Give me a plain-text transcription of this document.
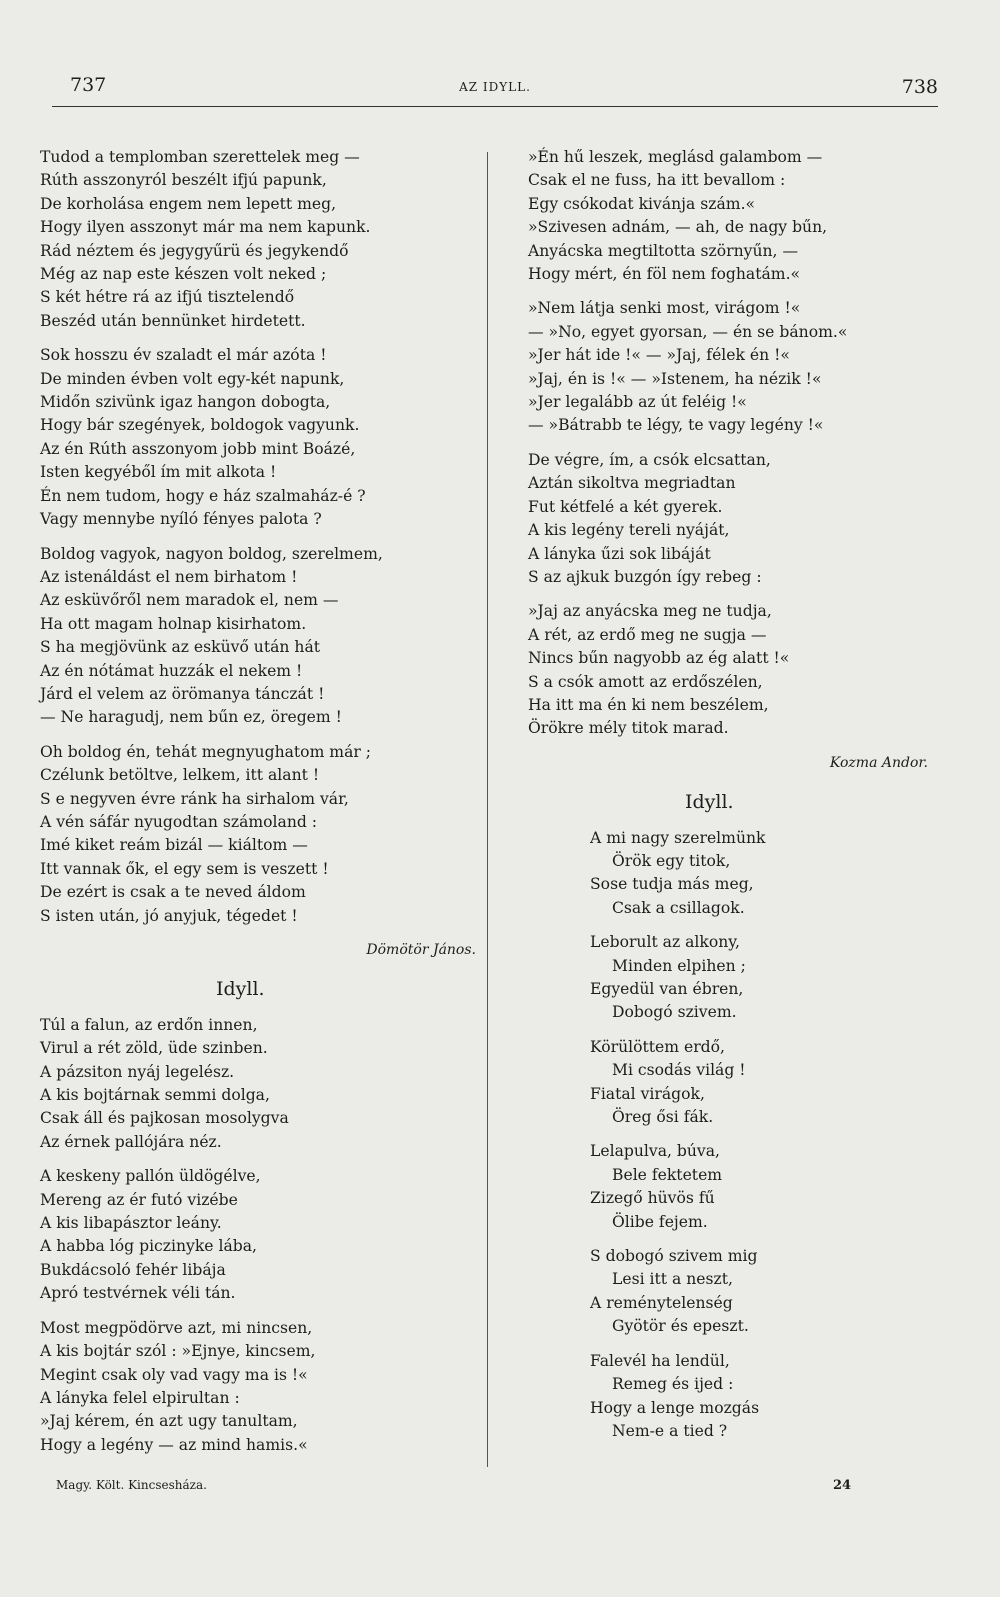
737	AZ IDYLL.	738
Tudod a templomban szerettelek meg —
Rúth asszonyról beszélt ifjú papunk,
De korholása engem nem lepett meg,
Hogy ilyen asszonyt már ma nem kapunk.
Rád néztem és jegygyűrü és jegykendő
Még az nap este készen volt neked ;
S két hétre rá az ifjú tisztelendő
Beszéd után bennünket hirdetett.
Sok hosszu év szaladt el már azóta !
De minden évben volt egy-két napunk,
Midőn szivünk igaz hangon dobogta,
Hogy bár szegények, boldogok vagyunk.
Az én Rúth asszonyom jobb mint Boázé,
Isten kegyéből ím mit alkota !
Én nem tudom, hogy e ház szalmaház-é ?
Vagy mennybe nyíló fényes palota ?
Boldog vagyok, nagyon boldog, szerelmem,
Az istenáldást el nem birhatom !
Az esküvőről nem maradok el, nem —
Ha ott magam holnap kisirhatom.
S ha megjövünk az esküvő után hát
Az én nótámat huzzák el nekem !
Járd el velem az örömanya tánczát !
— Ne haragudj, nem bűn ez, öregem !
Oh boldog én, tehát megnyughatom már ;
Czélunk betöltve, lelkem, itt alant !
S e negyven évre ránk ha sirhalom vár,
A vén sáfár nyugodtan számoland :
Imé kiket reám bizál — kiáltom —
Itt vannak ők, el egy sem is veszett !
De ezért is csak a te neved áldom
S isten után, jó anyjuk, tégedet !
Dömötör János.
Idyll.
Túl a falun, az erdőn innen,
Virul a rét zöld, üde szinben.
A pázsiton nyáj legelész.
A kis bojtárnak semmi dolga,
Csak áll és pajkosan mosolygva
Az érnek pallójára néz.
A keskeny pallón üldögélve,
Mereng az ér futó vizébe
A kis libapásztor leány.
A habba lóg piczinyke lába,
Bukdácsoló fehér libája
Apró testvérnek véli tán.
Most megpödörve azt, mi nincsen,
A kis bojtár szól : »Ejnye, kincsem,
Megint csak oly vad vagy ma is !«
A lányka felel elpirultan :
»Jaj kérem, én azt ugy tanultam,
Hogy a legény — az mind hamis.«
»Én hű leszek, meglásd galambom —
Csak el ne fuss, ha itt bevallom :
Egy csókodat kivánja szám.«
»Szivesen adnám, — ah, de nagy bűn,
Anyácska megtiltotta szörnyűn, —
Hogy mért, én föl nem foghatám.«
»Nem látja senki most, virágom !«
— »No, egyet gyorsan, — én se bánom.«
»Jer hát ide !« — »Jaj, félek én !«
»Jaj, én is !« — »Istenem, ha nézik !«
»Jer legalább az út feléig !«
— »Bátrabb te légy, te vagy legény !«
De végre, ím, a csók elcsattan,
Aztán sikoltva megriadtan
Fut kétfelé a két gyerek.
A kis legény tereli nyáját,
A lányka űzi sok libáját
S az ajkuk buzgón így rebeg :
»Jaj az anyácska meg ne tudja,
A rét, az erdő meg ne sugja —
Nincs bűn nagyobb az ég alatt !«
S a csók amott az erdőszélen,
Ha itt ma én ki nem beszélem,
Örökre mély titok marad.
Kozma Andor.
Idyll.
A mi nagy szerelmünk
Örök egy titok,
Sose tudja más meg,
Csak a csillagok.
Leborult az alkony,
Minden elpihen ;
Egyedül van ébren,
Dobogó szivem.
Körülöttem erdő,
Mi csodás világ !
Fiatal virágok,
Öreg ősi fák.
Lelapulva, búva,
Bele fektetem
Zizegő hüvös fű
Ölibe fejem.
S dobogó szivem mig
Lesi itt a neszt,
A reménytelenség
Gyötör és epeszt.
Falevél ha lendül,
Remeg és ijed :
Hogy a lenge mozgás
Nem-e a tied ?
Magy. Költ. Kincsesháza.	24
